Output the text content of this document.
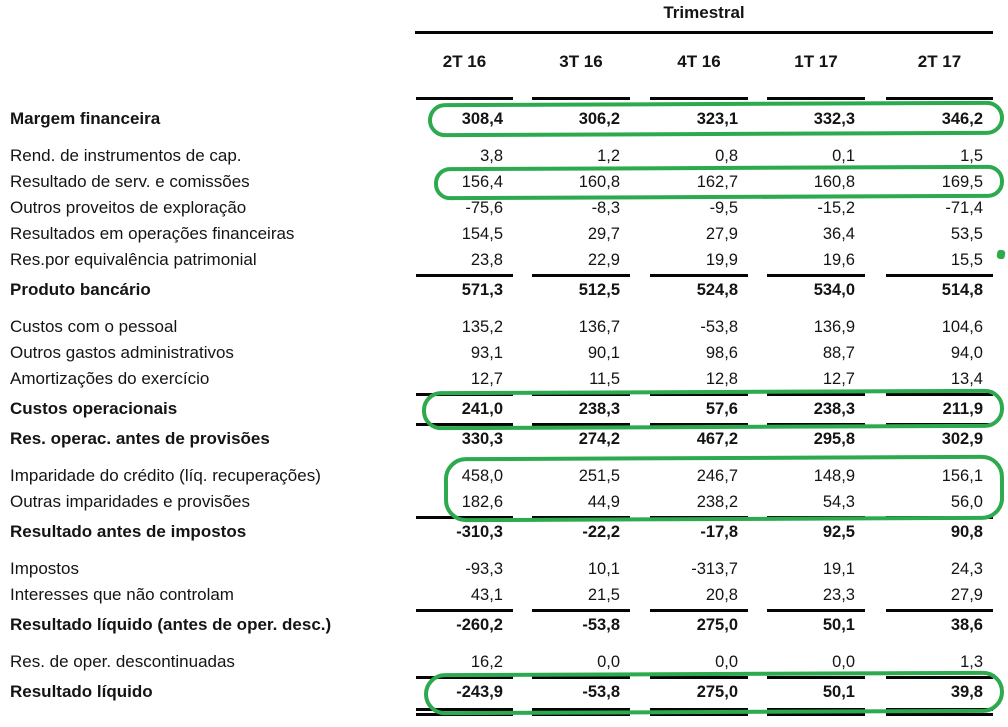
Trimestral
2T 16	3T 16	4T 16	1T 17	2T 17
Margem financeira	308,4	306,2	323,1	332,3	346,2
Rend. de instrumentos de cap.	3,8	1,2	0,8	0,1	1,5
Resultado de serv. e comissões	156,4	160,8	162,7	160,8	169,5
Outros proveitos de exploração	-75,6	-8,3	-9,5	-15,2	-71,4
Resultados em operações financeiras	154,5	29,7	27,9	36,4	53,5
Res.por equivalência patrimonial	23,8	22,9	19,9	19,6	15,5
Produto bancário	571,3	512,5	524,8	534,0	514,8
Custos com o pessoal	135,2	136,7	-53,8	136,9	104,6
Outros gastos administrativos	93,1	90,1	98,6	88,7	94,0
Amortizações do exercício	12,7	11,5	12,8	12,7	13,4
Custos operacionais	241,0	238,3	57,6	238,3	211,9
Res. operac. antes de provisões	330,3	274,2	467,2	295,8	302,9
Imparidade do crédito (líq. recuperações)	458,0	251,5	246,7	148,9	156,1
Outras imparidades e provisões	182,6	44,9	238,2	54,3	56,0
Resultado antes de impostos	-310,3	-22,2	-17,8	92,5	90,8
Impostos	-93,3	10,1	-313,7	19,1	24,3
Interesses que não controlam	43,1	21,5	20,8	23,3	27,9
Resultado líquido (antes de oper. desc.)	-260,2	-53,8	275,0	50,1	38,6
Res. de oper. descontinuadas	16,2	0,0	0,0	0,0	1,3
Resultado líquido	-243,9	-53,8	275,0	50,1	39,8
